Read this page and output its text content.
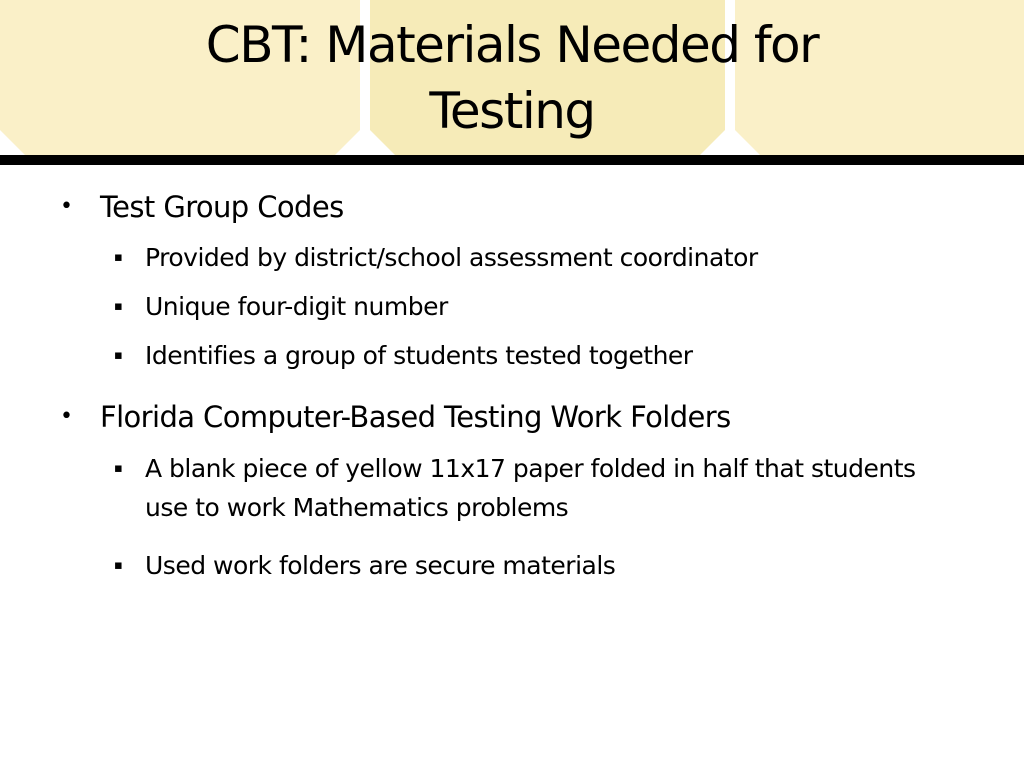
CBT: Materials Needed for
Testing
• Test Group Codes
▪ Provided by district/school assessment coordinator
▪ Unique four-digit number
▪ Identifies a group of students tested together
• Florida Computer-Based Testing Work Folders
▪ A blank piece of yellow 11x17 paper folded in half that students use to work Mathematics problems
▪ Used work folders are secure materials
